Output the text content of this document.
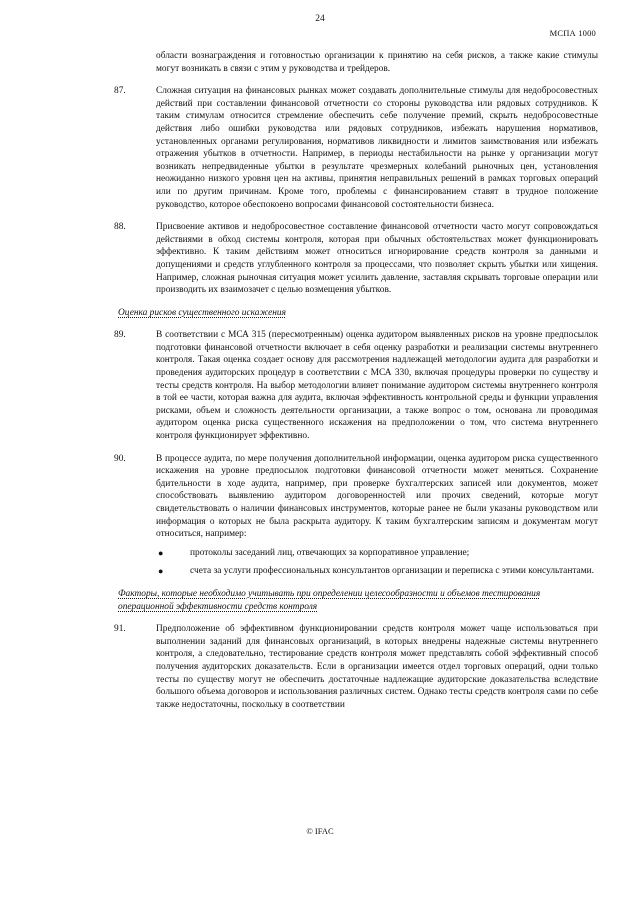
24
МСПА 1000
области вознаграждения и готовностью организации к принятию на себя рисков, а также какие стимулы могут возникать в связи с этим у руководства и трейдеров.
87.	Сложная ситуация на финансовых рынках может создавать дополнительные стимулы для недобросовестных действий при составлении финансовой отчетности со стороны руководства или рядовых сотрудников. К таким стимулам относится стремление обеспечить себе получение премий, скрыть недобросовестные действия либо ошибки руководства или рядовых сотрудников, избежать нарушения нормативов, установленных органами регулирования, нормативов ликвидности и лимитов заимствования или избежать отражения убытков в отчетности. Например, в периоды нестабильности на рынке у организации могут возникать непредвиденные убытки в результате чрезмерных колебаний рыночных цен, установления неожиданно низкого уровня цен на активы, принятия неправильных решений в рамках торговых операций или по другим причинам. Кроме того, проблемы с финансированием ставят в трудное положение руководство, которое обеспокоено вопросами финансовой состоятельности бизнеса.
88.	Присвоение активов и недобросовестное составление финансовой отчетности часто могут сопровождаться действиями в обход системы контроля, которая при обычных обстоятельствах может функционировать эффективно. К таким действиям может относиться игнорирование средств контроля за данными и допущениями и средств углубленного контроля за процессами, что позволяет скрыть убытки или хищения. Например, сложная рыночная ситуация может усилить давление, заставляя скрывать торговые операции или производить их взаимозачет с целью возмещения убытков.
Оценка рисков существенного искажения
89.	В соответствии с МСА 315 (пересмотренным) оценка аудитором выявленных рисков на уровне предпосылок подготовки финансовой отчетности включает в себя оценку разработки и реализации системы внутреннего контроля. Такая оценка создает основу для рассмотрения надлежащей методологии аудита для разработки и проведения аудиторских процедур в соответствии с МСА 330, включая процедуры проверки по существу и тесты средств контроля. На выбор методологии влияет понимание аудитором системы внутреннего контроля в той ее части, которая важна для аудита, включая эффективность контрольной среды и функции управления рисками, объем и сложность деятельности организации, а также вопрос о том, основана ли проводимая аудитором оценка риска существенного искажения на предположении о том, что система внутреннего контроля функционирует эффективно.
90.	В процессе аудита, по мере получения дополнительной информации, оценка аудитором риска существенного искажения на уровне предпосылок подготовки финансовой отчетности может меняться. Сохранение бдительности в ходе аудита, например, при проверке бухгалтерских записей или документов, может способствовать выявлению аудитором договоренностей или прочих сведений, которые могут свидетельствовать о наличии финансовых инструментов, которые ранее не были указаны руководством или информация о которых не была раскрыта аудитору. К таким бухгалтерским записям и документам могут относиться, например:
●	протоколы заседаний лиц, отвечающих за корпоративное управление;
●	счета за услуги профессиональных консультантов организации и переписка с этими консультантами.
Факторы, которые необходимо учитывать при определении целесообразности и объемов тестирования операционной эффективности средств контроля
91.	Предположение об эффективном функционировании средств контроля может чаще использоваться при выполнении заданий для финансовых организаций, в которых внедрены надежные системы внутреннего контроля, а следовательно, тестирование средств контроля может представлять собой эффективный способ получения аудиторских доказательств. Если в организации имеется отдел торговых операций, одни только тесты по существу могут не обеспечить достаточные надлежащие аудиторские доказательства вследствие большого объема договоров и использования различных систем. Однако тесты средств контроля сами по себе также недостаточны, поскольку в соответствии
© IFAC
